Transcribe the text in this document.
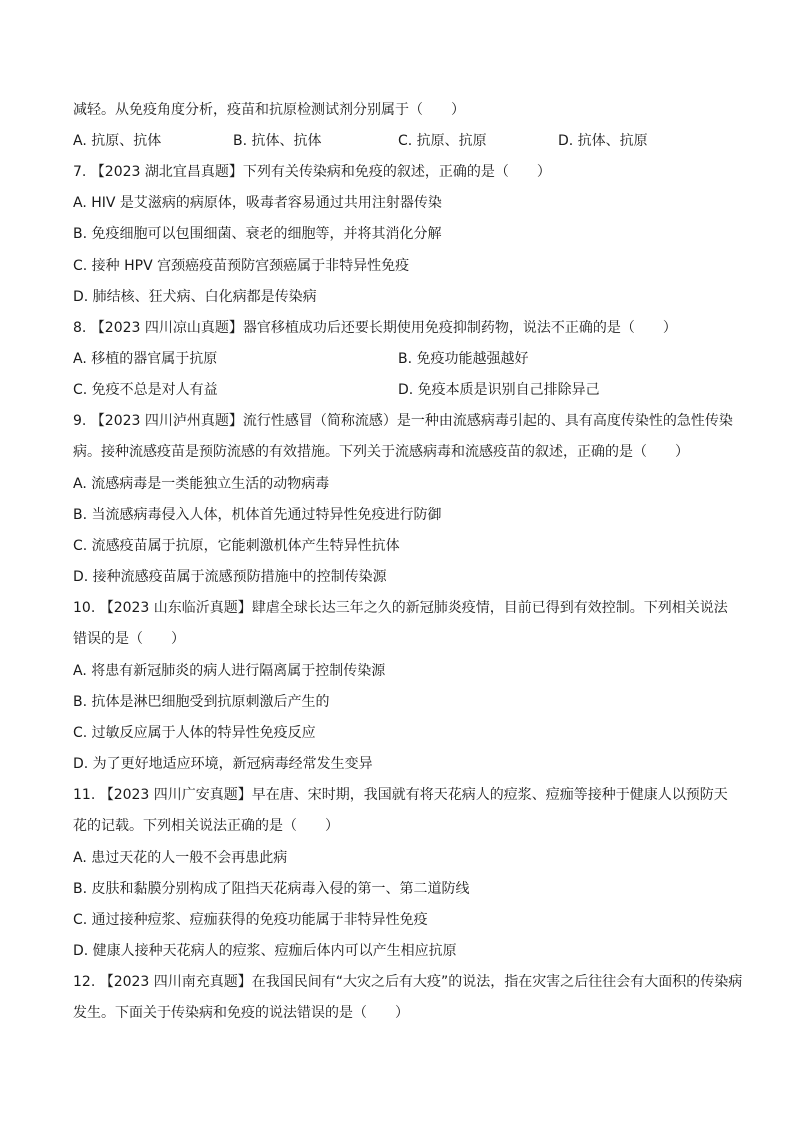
减轻。从免疫角度分析，疫苗和抗原检测试剂分别属于（　　）
A. 抗原、抗体	B. 抗体、抗体	C. 抗原、抗原	D. 抗体、抗原
7. 【2023 湖北宜昌真题】下列有关传染病和免疫的叙述，正确的是（　　）
A. HIV 是艾滋病的病原体，吸毒者容易通过共用注射器传染
B. 免疫细胞可以包围细菌、衰老的细胞等，并将其消化分解
C. 接种 HPV 宫颈癌疫苗预防宫颈癌属于非特异性免疫
D. 肺结核、狂犬病、白化病都是传染病
8. 【2023 四川凉山真题】器官移植成功后还要长期使用免疫抑制药物，说法不正确的是（　　）
A. 移植的器官属于抗原	B. 免疫功能越强越好
C. 免疫不总是对人有益	D. 免疫本质是识别自己排除异己
9. 【2023 四川泸州真题】流行性感冒（简称流感）是一种由流感病毒引起的、具有高度传染性的急性传染
病。接种流感疫苗是预防流感的有效措施。下列关于流感病毒和流感疫苗的叙述，正确的是（　　）
A. 流感病毒是一类能独立生活的动物病毒
B. 当流感病毒侵入人体，机体首先通过特异性免疫进行防御
C. 流感疫苗属于抗原，它能刺激机体产生特异性抗体
D. 接种流感疫苗属于流感预防措施中的控制传染源
10. 【2023 山东临沂真题】肆虐全球长达三年之久的新冠肺炎疫情，目前已得到有效控制。下列相关说法
错误的是（　　）
A. 将患有新冠肺炎的病人进行隔离属于控制传染源
B. 抗体是淋巴细胞受到抗原刺激后产生的
C. 过敏反应属于人体的特异性免疫反应
D. 为了更好地适应环境，新冠病毒经常发生变异
11. 【2023 四川广安真题】早在唐、宋时期，我国就有将天花病人的痘浆、痘痂等接种于健康人以预防天
花的记载。下列相关说法正确的是（　　）
A. 患过天花的人一般不会再患此病
B. 皮肤和黏膜分别构成了阻挡天花病毒入侵的第一、第二道防线
C. 通过接种痘浆、痘痂获得的免疫功能属于非特异性免疫
D. 健康人接种天花病人的痘浆、痘痂后体内可以产生相应抗原
12. 【2023 四川南充真题】在我国民间有“大灾之后有大疫”的说法，指在灾害之后往往会有大面积的传染病
发生。下面关于传染病和免疫的说法错误的是（　　）
